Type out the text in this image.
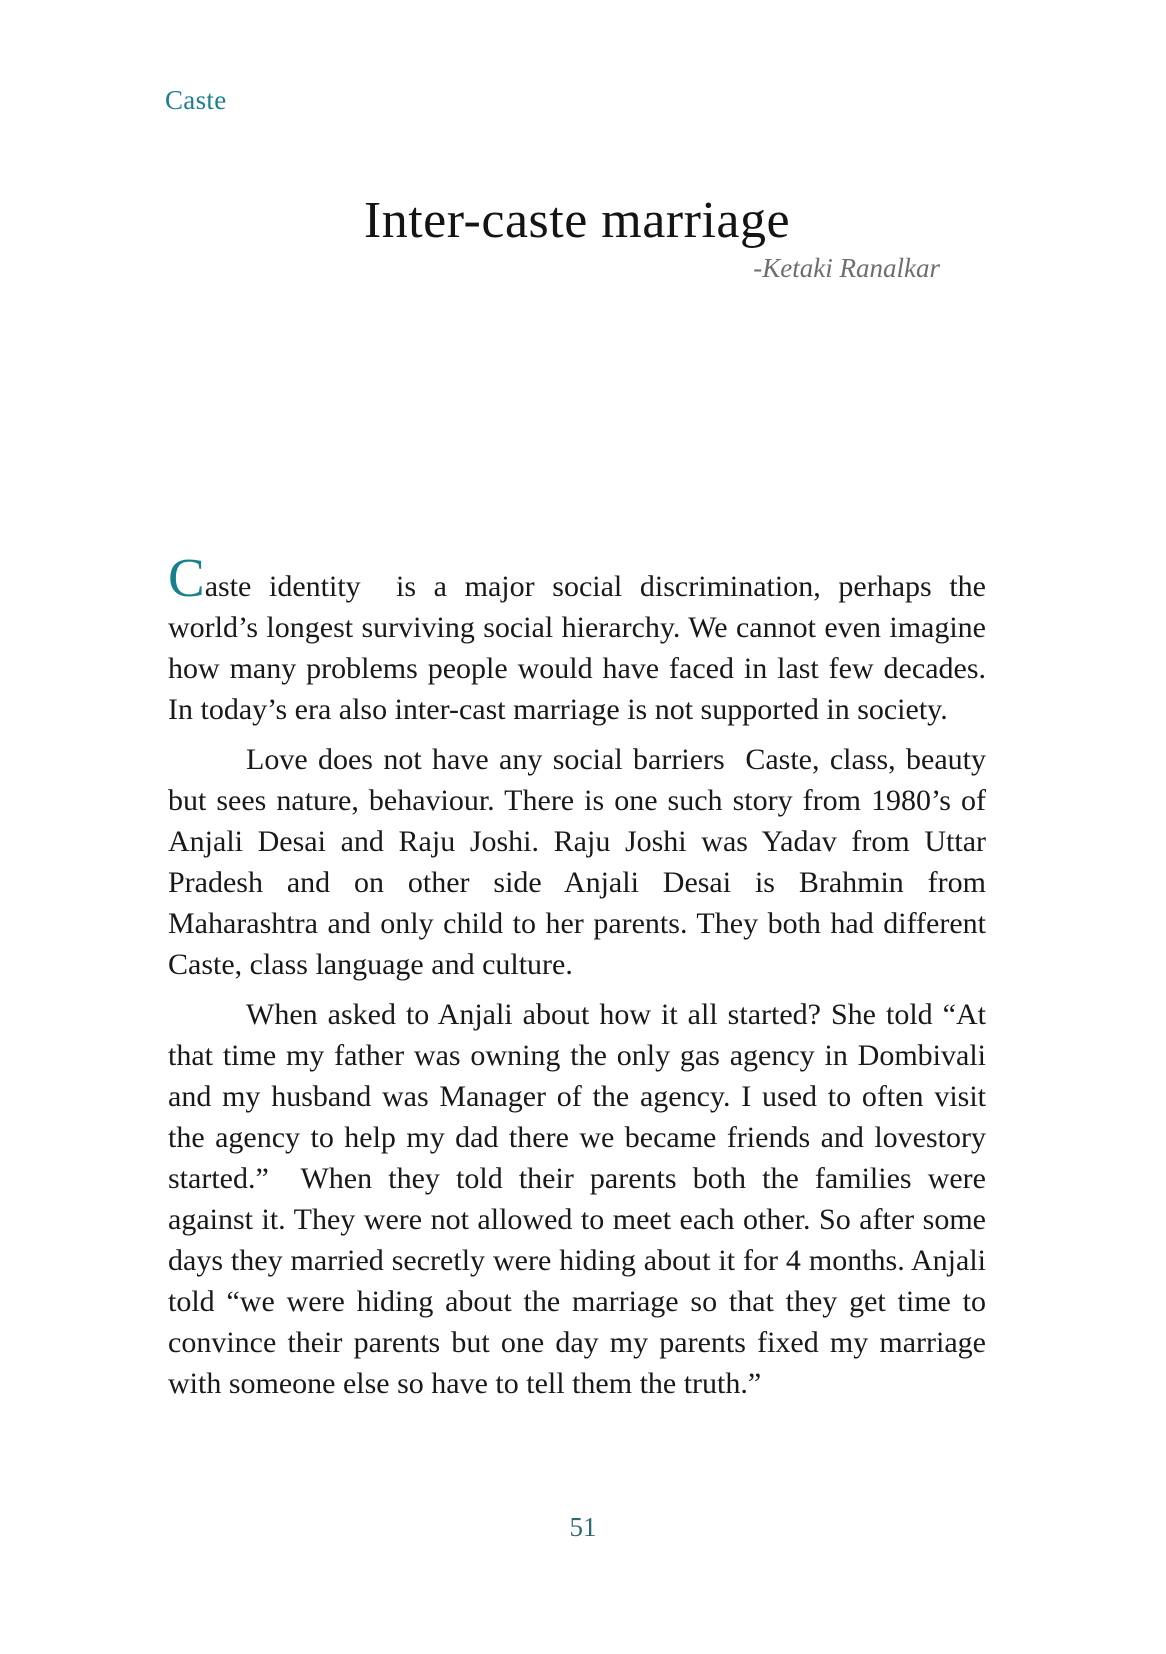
Caste
Inter-caste marriage
-Ketaki Ranalkar

Caste identity  is a major social discrimination, perhaps the world’s longest surviving social hierarchy. We cannot even imagine how many problems people would have faced in last few decades. In today’s era also inter-cast marriage is not supported in society.

Love does not have any social barriers  Caste, class, beauty but sees nature, behaviour. There is one such story from 1980’s of Anjali Desai and Raju Joshi. Raju Joshi was Yadav from Uttar Pradesh and on other side Anjali Desai is Brahmin from Maharashtra and only child to her parents. They both had different Caste, class language and culture.

When asked to Anjali about how it all started? She told “At that time my father was owning the only gas agency in Dombivali and my husband was Manager of the agency. I used to often visit the agency to help my dad there we became friends and lovestory started.”  When they told their parents both the families were against it. They were not allowed to meet each other. So after some days they married secretly were hiding about it for 4 months. Anjali told “we were hiding about the marriage so that they get time to convince their parents but one day my parents fixed my marriage with someone else so have to tell them the truth.”

51
